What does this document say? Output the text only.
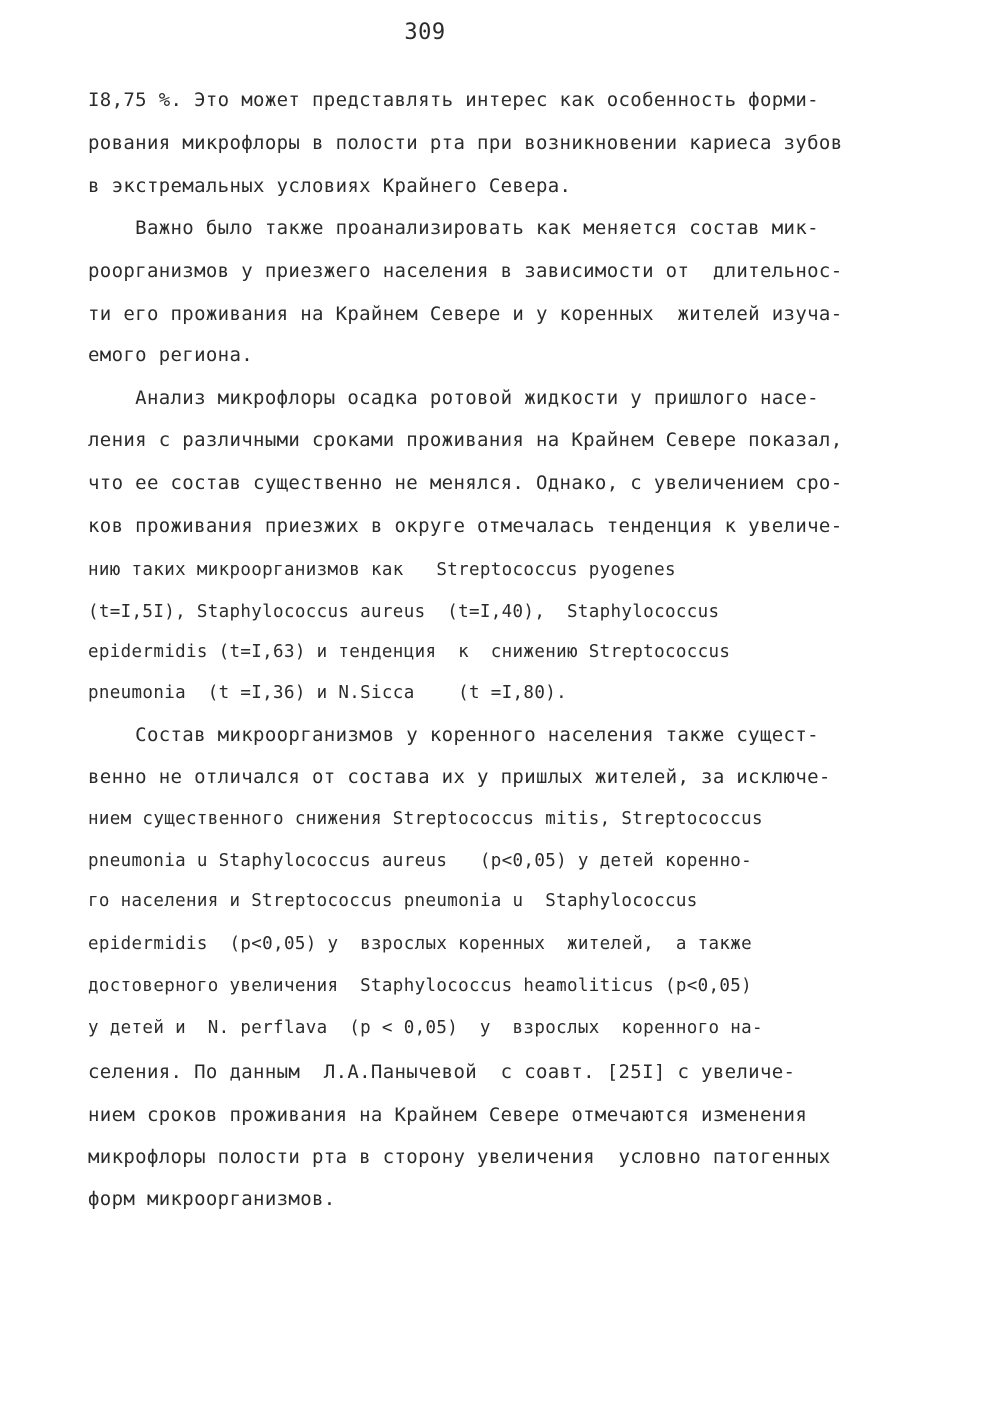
309
I8,75 %. Это может представлять интерес как особенность форми-
рования микрофлоры в полости рта при возникновении кариеса зубов
в экстремальных условиях Крайнего Севера.
Важно было также проанализировать как меняется состав мик-
роорганизмов у приезжего населения в зависимости от  длительнос-
ти его проживания на Крайнем Севере и у коренных  жителей изуча-
емого региона.
Анализ микрофлоры осадка ротовой жидкости у пришлого насе-
ления с различными сроками проживания на Крайнем Севере показал,
что ее состав существенно не менялся. Однако, с увеличением сро-
ков проживания приезжих в округе отмечалась тенденция к увеличе-
нию таких микроорганизмов как   Streptococcus pyogenes
(t=I,5I), Staphylococcus aureus  (t=I,40),  Staphylococcus
epidermidis (t=I,63) и тенденция  к  снижению Streptococcus
pneumonia  (t =I,36) и N.Sicca    (t =I,80).
Состав микроорганизмов у коренного населения также сущест-
венно не отличался от состава их у пришлых жителей, за исключе-
нием существенного снижения Streptococcus mitis, Streptococcus
pneumonia u Staphylococcus aureus   (p<0,05) у детей коренно-
го населения и Streptococcus pneumonia u  Staphylococcus
epidermidis  (p<0,05) у  взрослых коренных  жителей,  а также
достоверного увеличения  Staphylococcus heamoliticus (p<0,05)
у детей и  N. perflava  (p < 0,05)  у  взрослых  коренного на-
селения. По данным  Л.А.Панычевой  с соавт. [25I] с увеличе-
нием сроков проживания на Крайнем Севере отмечаются изменения
микрофлоры полости рта в сторону увеличения  условно патогенных
форм микроорганизмов.
